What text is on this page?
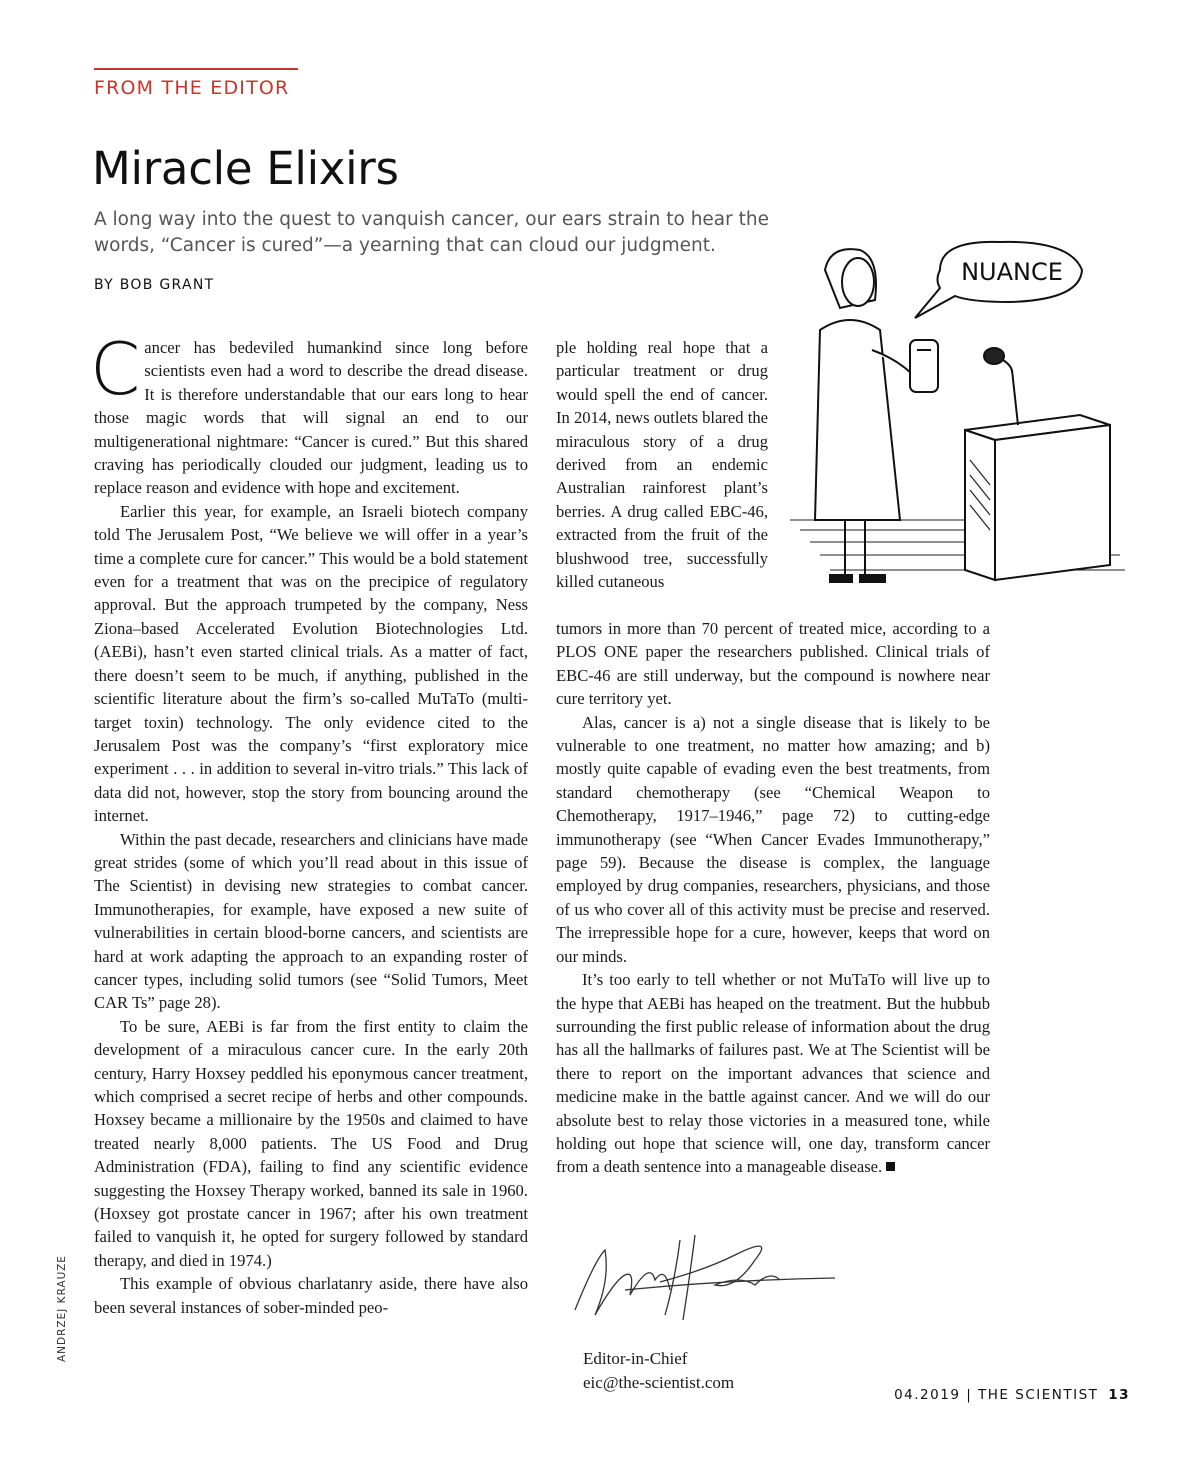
FROM THE EDITOR
Miracle Elixirs
A long way into the quest to vanquish cancer, our ears strain to hear the words, “Cancer is cured”—a yearning that can cloud our judgment.
BY BOB GRANT

Cancer has bedeviled humankind since long before scientists even had a word to describe the dread disease. It is therefore understandable that our ears long to hear those magic words that will signal an end to our multigenerational nightmare: “Cancer is cured.” But this shared craving has periodically clouded our judgment, leading us to replace reason and evidence with hope and excitement.

Earlier this year, for example, an Israeli biotech company told The Jerusalem Post, “We believe we will offer in a year’s time a complete cure for cancer.” This would be a bold statement even for a treatment that was on the precipice of regulatory approval. But the approach trumpeted by the company, Ness Ziona–based Accelerated Evolution Biotechnologies Ltd. (AEBi), hasn’t even started clinical trials. As a matter of fact, there doesn’t seem to be much, if anything, published in the scientific literature about the firm’s so-called MuTaTo (multi-target toxin) technology. The only evidence cited to the Jerusalem Post was the company’s “first exploratory mice experiment . . . in addition to several in-vitro trials.” This lack of data did not, however, stop the story from bouncing around the internet.

Within the past decade, researchers and clinicians have made great strides (some of which you’ll read about in this issue of The Scientist) in devising new strategies to combat cancer. Immunotherapies, for example, have exposed a new suite of vulnerabilities in certain blood-borne cancers, and scientists are hard at work adapting the approach to an expanding roster of cancer types, including solid tumors (see “Solid Tumors, Meet CAR Ts” page 28).

To be sure, AEBi is far from the first entity to claim the development of a miraculous cancer cure. In the early 20th century, Harry Hoxsey peddled his eponymous cancer treatment, which comprised a secret recipe of herbs and other compounds. Hoxsey became a millionaire by the 1950s and claimed to have treated nearly 8,000 patients. The US Food and Drug Administration (FDA), failing to find any scientific evidence suggesting the Hoxsey Therapy worked, banned its sale in 1960. (Hoxsey got prostate cancer in 1967; after his own treatment failed to vanquish it, he opted for surgery followed by standard therapy, and died in 1974.)

This example of obvious charlatanry aside, there have also been several instances of sober-minded peo-

ple holding real hope that a particular treatment or drug would spell the end of cancer. In 2014, news outlets blared the miraculous story of a drug derived from an endemic Australian rainforest plant’s berries. A drug called EBC-46, extracted from the fruit of the blushwood tree, successfully killed cutaneous

tumors in more than 70 percent of treated mice, according to a PLOS ONE paper the researchers published. Clinical trials of EBC-46 are still underway, but the compound is nowhere near cure territory yet.

Alas, cancer is a) not a single disease that is likely to be vulnerable to one treatment, no matter how amazing; and b) mostly quite capable of evading even the best treatments, from standard chemotherapy (see “Chemical Weapon to Chemotherapy, 1917–1946,” page 72) to cutting-edge immunotherapy (see “When Cancer Evades Immunotherapy,” page 59). Because the disease is complex, the language employed by drug companies, researchers, physicians, and those of us who cover all of this activity must be precise and reserved. The irrepressible hope for a cure, however, keeps that word on our minds.

It’s too early to tell whether or not MuTaTo will live up to the hype that AEBi has heaped on the treatment. But the hubbub surrounding the first public release of information about the drug has all the hallmarks of failures past. We at The Scientist will be there to report on the important advances that science and medicine make in the battle against cancer. And we will do our absolute best to relay those victories in a measured tone, while holding out hope that science will, one day, transform cancer from a death sentence into a manageable disease.

NUANCE
Editor-in-Chief
eic@the-scientist.com
ANDRZEJ KRAUZE
04.2019 | THE SCIENTIST 13
